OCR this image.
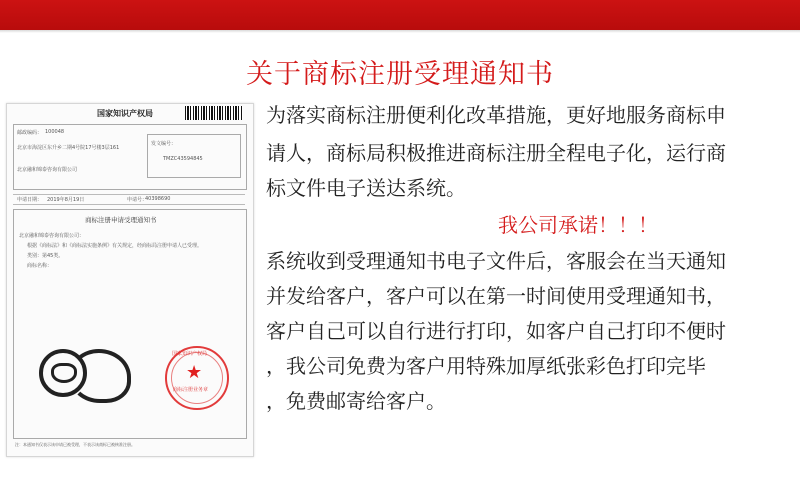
关于商标注册受理通知书
国家知识产权局
邮政编码： 100048
北京市海淀区东升乡二期4号院17号楼3层161
北京融和锦泰咨询有限公司
发文编号：
TMZC43594845
申请日期： 2019年8月19日	申请号：
40398690
商标注册申请受理通知书
北京融和锦泰咨询有限公司：
根据《商标法》和《商标法实施条例》有关规定，经商标局注册申请人已受理。
类别：第45类。
商标名称：
国家知识产权局
★
商标注册业务章
注：本通知书仅表示该申请已被受理，不表示该商标已被核准注册。
为落实商标注册便利化改革措施，更好地服务商标申
请人，商标局积极推进商标注册全程电子化，运行商
标文件电子送达系统。
我公司承诺！！！
系统收到受理通知书电子文件后，客服会在当天通知
并发给客户，客户可以在第一时间使用受理通知书，
客户自己可以自行进行打印，如客户自己打印不便时
，我公司免费为客户用特殊加厚纸张彩色打印完毕
，免费邮寄给客户。
